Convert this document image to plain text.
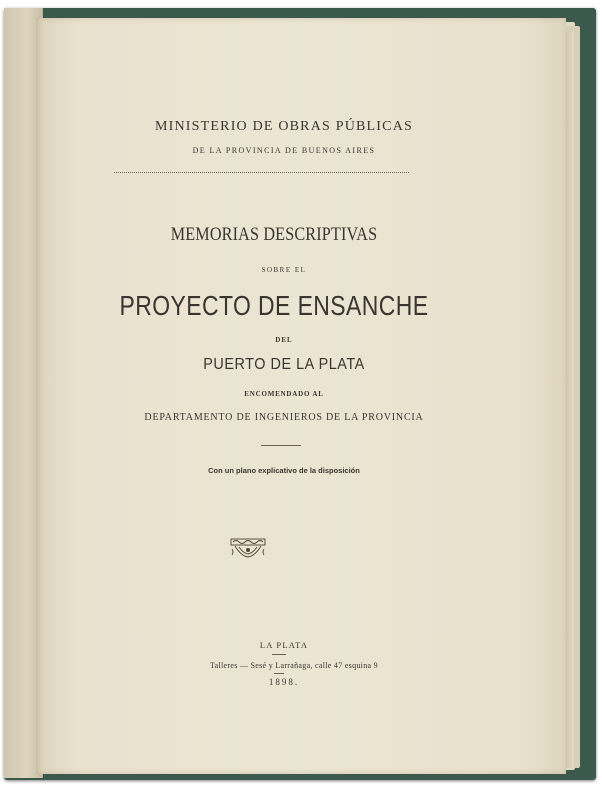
MINISTERIO DE OBRAS PÚBLICAS
DE LA PROVINCIA DE BUENOS AIRES
MEMORIAS DESCRIPTIVAS
SOBRE EL
PROYECTO DE ENSANCHE
DEL
PUERTO DE LA PLATA
ENCOMENDADO AL
DEPARTAMENTO DE INGENIEROS DE LA PROVINCIA
Con un plano explicativo de la disposición
LA PLATA
Talleres — Sesé y Larrañaga, calle 47 esquina 9
1898.
